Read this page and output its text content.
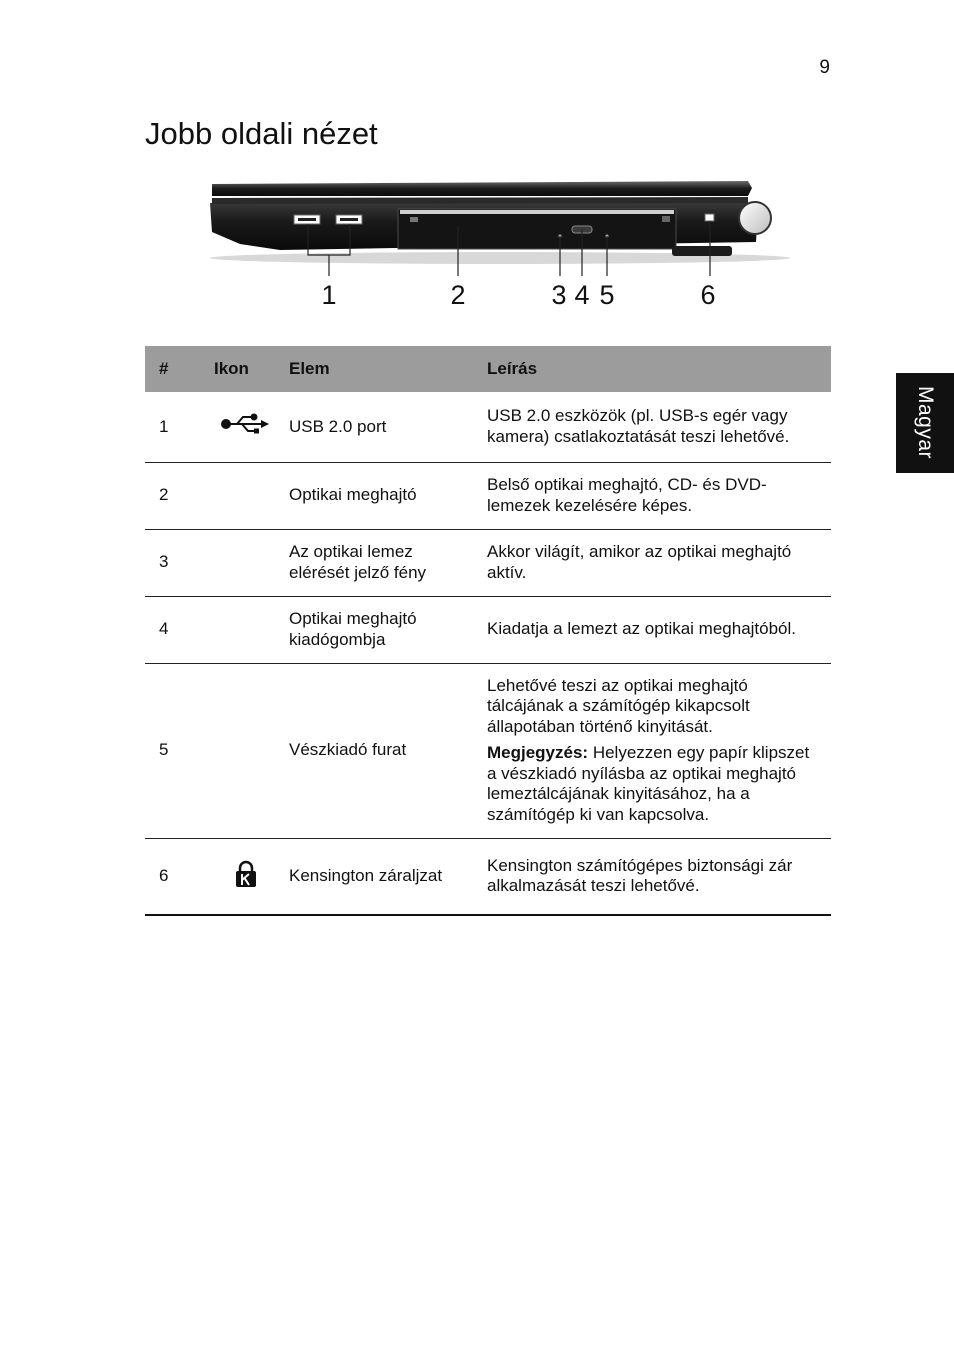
9
Jobb oldali nézet
Magyar
1	2	3 4 5	6
#	Ikon	Elem	Leírás
1		USB 2.0 port	USB 2.0 eszközök (pl. USB-s egér vagy kamera) csatlakoztatását teszi lehetővé.

2		Optikai meghajtó	Belső optikai meghajtó, CD- és DVD-lemezek kezelésére képes.

3		Az optikai lemez elérését jelző fény	Akkor világít, amikor az optikai meghajtó aktív.

4		Optikai meghajtó kiadógombja	Kiadatja a lemezt az optikai meghajtóból.

5		Vészkiadó furat	Lehetővé teszi az optikai meghajtó tálcájának a számítógép kikapcsolt állapotában történő kinyitását.

Megjegyzés: Helyezzen egy papír klipszet a vészkiadó nyílásba az optikai meghajtó lemeztálcájának kinyitásához, ha a számítógép ki van kapcsolva.

6		Kensington záraljzat	Kensington számítógépes biztonsági zár alkalmazását teszi lehetővé.
